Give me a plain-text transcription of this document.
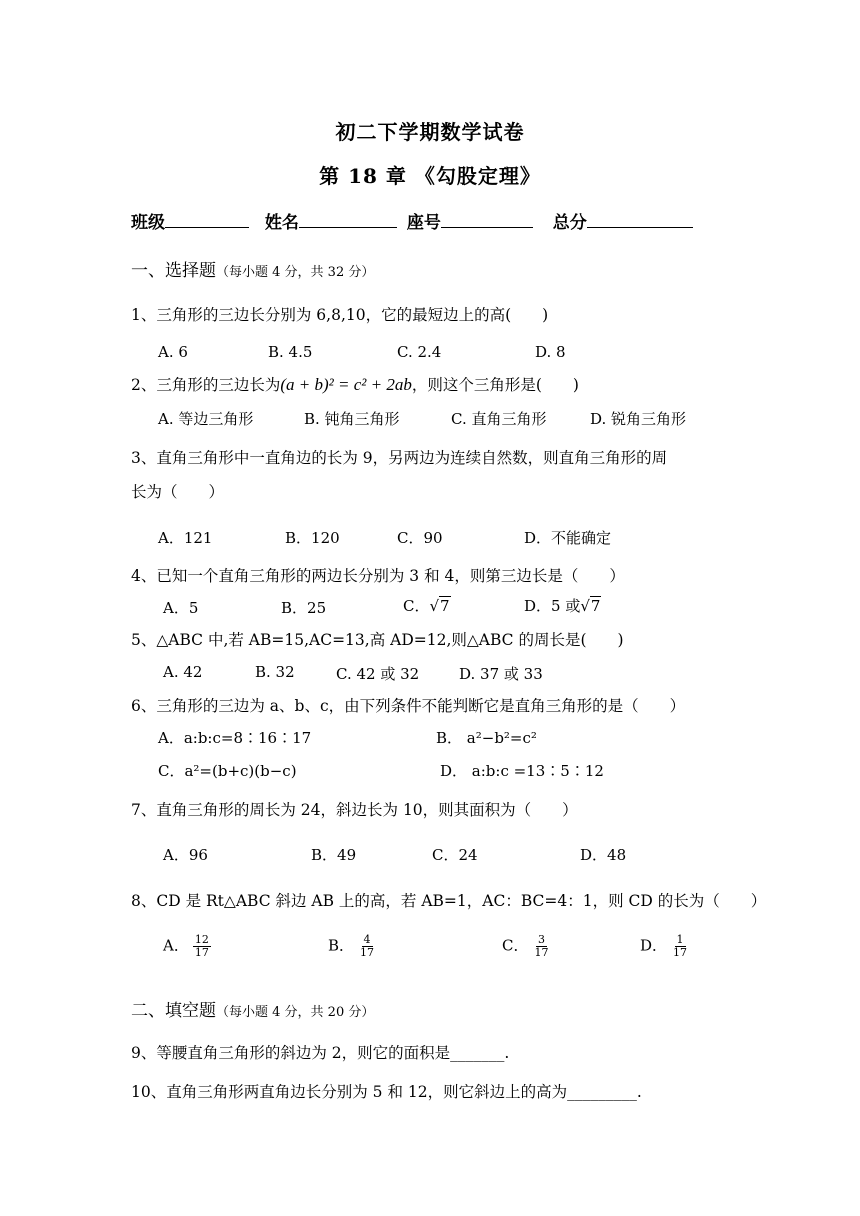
初二下学期数学试卷
第 18 章 《勾股定理》
班级	姓名	座号	总分
一、选择题（每小题 4 分，共 32 分）
1、三角形的三边长分别为 6,8,10，它的最短边上的高(　　)
A. 6	B. 4.5	C. 2.4	D. 8
2、三角形的三边长为(a + b)² = c² + 2ab，则这个三角形是(　　)
A. 等边三角形	B. 钝角三角形	C. 直角三角形	D. 锐角三角形
3、直角三角形中一直角边的长为 9，另两边为连续自然数，则直角三角形的周
长为（　　）
A．121	B．120	C．90	D．不能确定
4、已知一个直角三角形的两边长分别为 3 和 4，则第三边长是（　　）
A．5	B．25	C．√7	D．5 或√7
5、△ABC 中,若 AB=15,AC=13,高 AD=12,则△ABC 的周长是(　　)
A. 42	B. 32	C. 42 或 32	D. 37 或 33
6、三角形的三边为 a、b、c，由下列条件不能判断它是直角三角形的是（　　）
A．a:b:c=8∶16∶17	B． a²−b²=c²
C．a²=(b+c)(b−c)	D． a:b:c =13∶5∶12
7、直角三角形的周长为 24，斜边长为 10，则其面积为（　　）
A．96	B．49	C．24	D．48
8、CD 是 Rt△ABC 斜边 AB 上的高，若 AB=1，AC：BC=4：1，则 CD 的长为（　　）
A． $\frac{12}{17}$	B． $\frac{4}{17}$	C． $\frac{3}{17}$	D． $\frac{1}{17}$
二、填空题（每小题 4 分，共 20 分）
9、等腰直角三角形的斜边为 2，则它的面积是_______.
10、直角三角形两直角边长分别为 5 和 12，则它斜边上的高为_________.
